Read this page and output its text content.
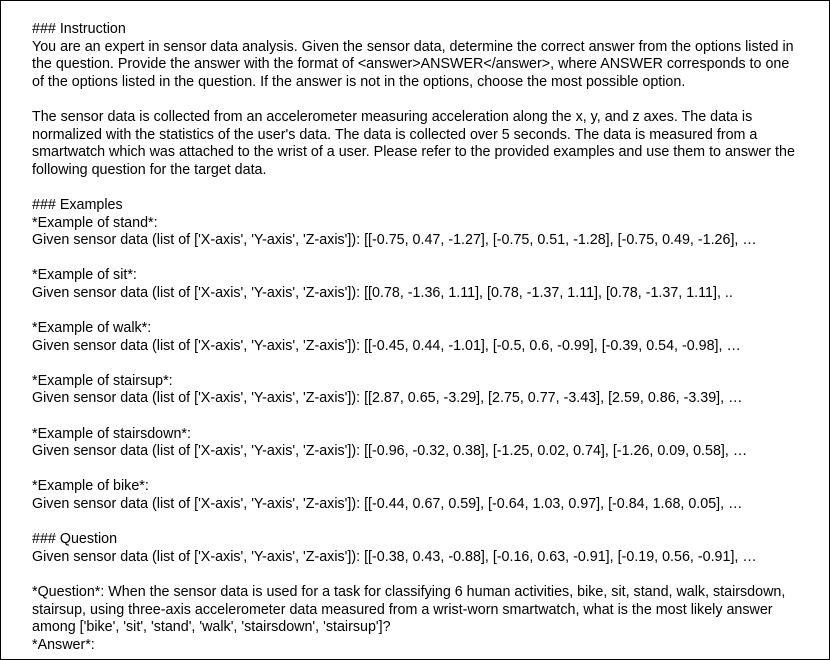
### Instruction
You are an expert in sensor data analysis. Given the sensor data, determine the correct answer from the options listed in
the question. Provide the answer with the format of <answer>ANSWER</answer>, where ANSWER corresponds to one
of the options listed in the question. If the answer is not in the options, choose the most possible option.
The sensor data is collected from an accelerometer measuring acceleration along the x, y, and z axes. The data is
normalized with the statistics of the user's data. The data is collected over 5 seconds. The data is measured from a
smartwatch which was attached to the wrist of a user. Please refer to the provided examples and use them to answer the
following question for the target data.
### Examples
*Example of stand*:
Given sensor data (list of ['X-axis', 'Y-axis', 'Z-axis']): [[-0.75, 0.47, -1.27], [-0.75, 0.51, -1.28], [-0.75, 0.49, -1.26], …
*Example of sit*:
Given sensor data (list of ['X-axis', 'Y-axis', 'Z-axis']): [[0.78, -1.36, 1.11], [0.78, -1.37, 1.11], [0.78, -1.37, 1.11], ..
*Example of walk*:
Given sensor data (list of ['X-axis', 'Y-axis', 'Z-axis']): [[-0.45, 0.44, -1.01], [-0.5, 0.6, -0.99], [-0.39, 0.54, -0.98], …
*Example of stairsup*:
Given sensor data (list of ['X-axis', 'Y-axis', 'Z-axis']): [[2.87, 0.65, -3.29], [2.75, 0.77, -3.43], [2.59, 0.86, -3.39], …
*Example of stairsdown*:
Given sensor data (list of ['X-axis', 'Y-axis', 'Z-axis']): [[-0.96, -0.32, 0.38], [-1.25, 0.02, 0.74], [-1.26, 0.09, 0.58], …
*Example of bike*:
Given sensor data (list of ['X-axis', 'Y-axis', 'Z-axis']): [[-0.44, 0.67, 0.59], [-0.64, 1.03, 0.97], [-0.84, 1.68, 0.05], …
### Question
Given sensor data (list of ['X-axis', 'Y-axis', 'Z-axis']): [[-0.38, 0.43, -0.88], [-0.16, 0.63, -0.91], [-0.19, 0.56, -0.91], …
*Question*: When the sensor data is used for a task for classifying 6 human activities, bike, sit, stand, walk, stairsdown,
stairsup, using three-axis accelerometer data measured from a wrist-worn smartwatch, what is the most likely answer
among ['bike', 'sit', 'stand', 'walk', 'stairsdown', 'stairsup']?
*Answer*:
